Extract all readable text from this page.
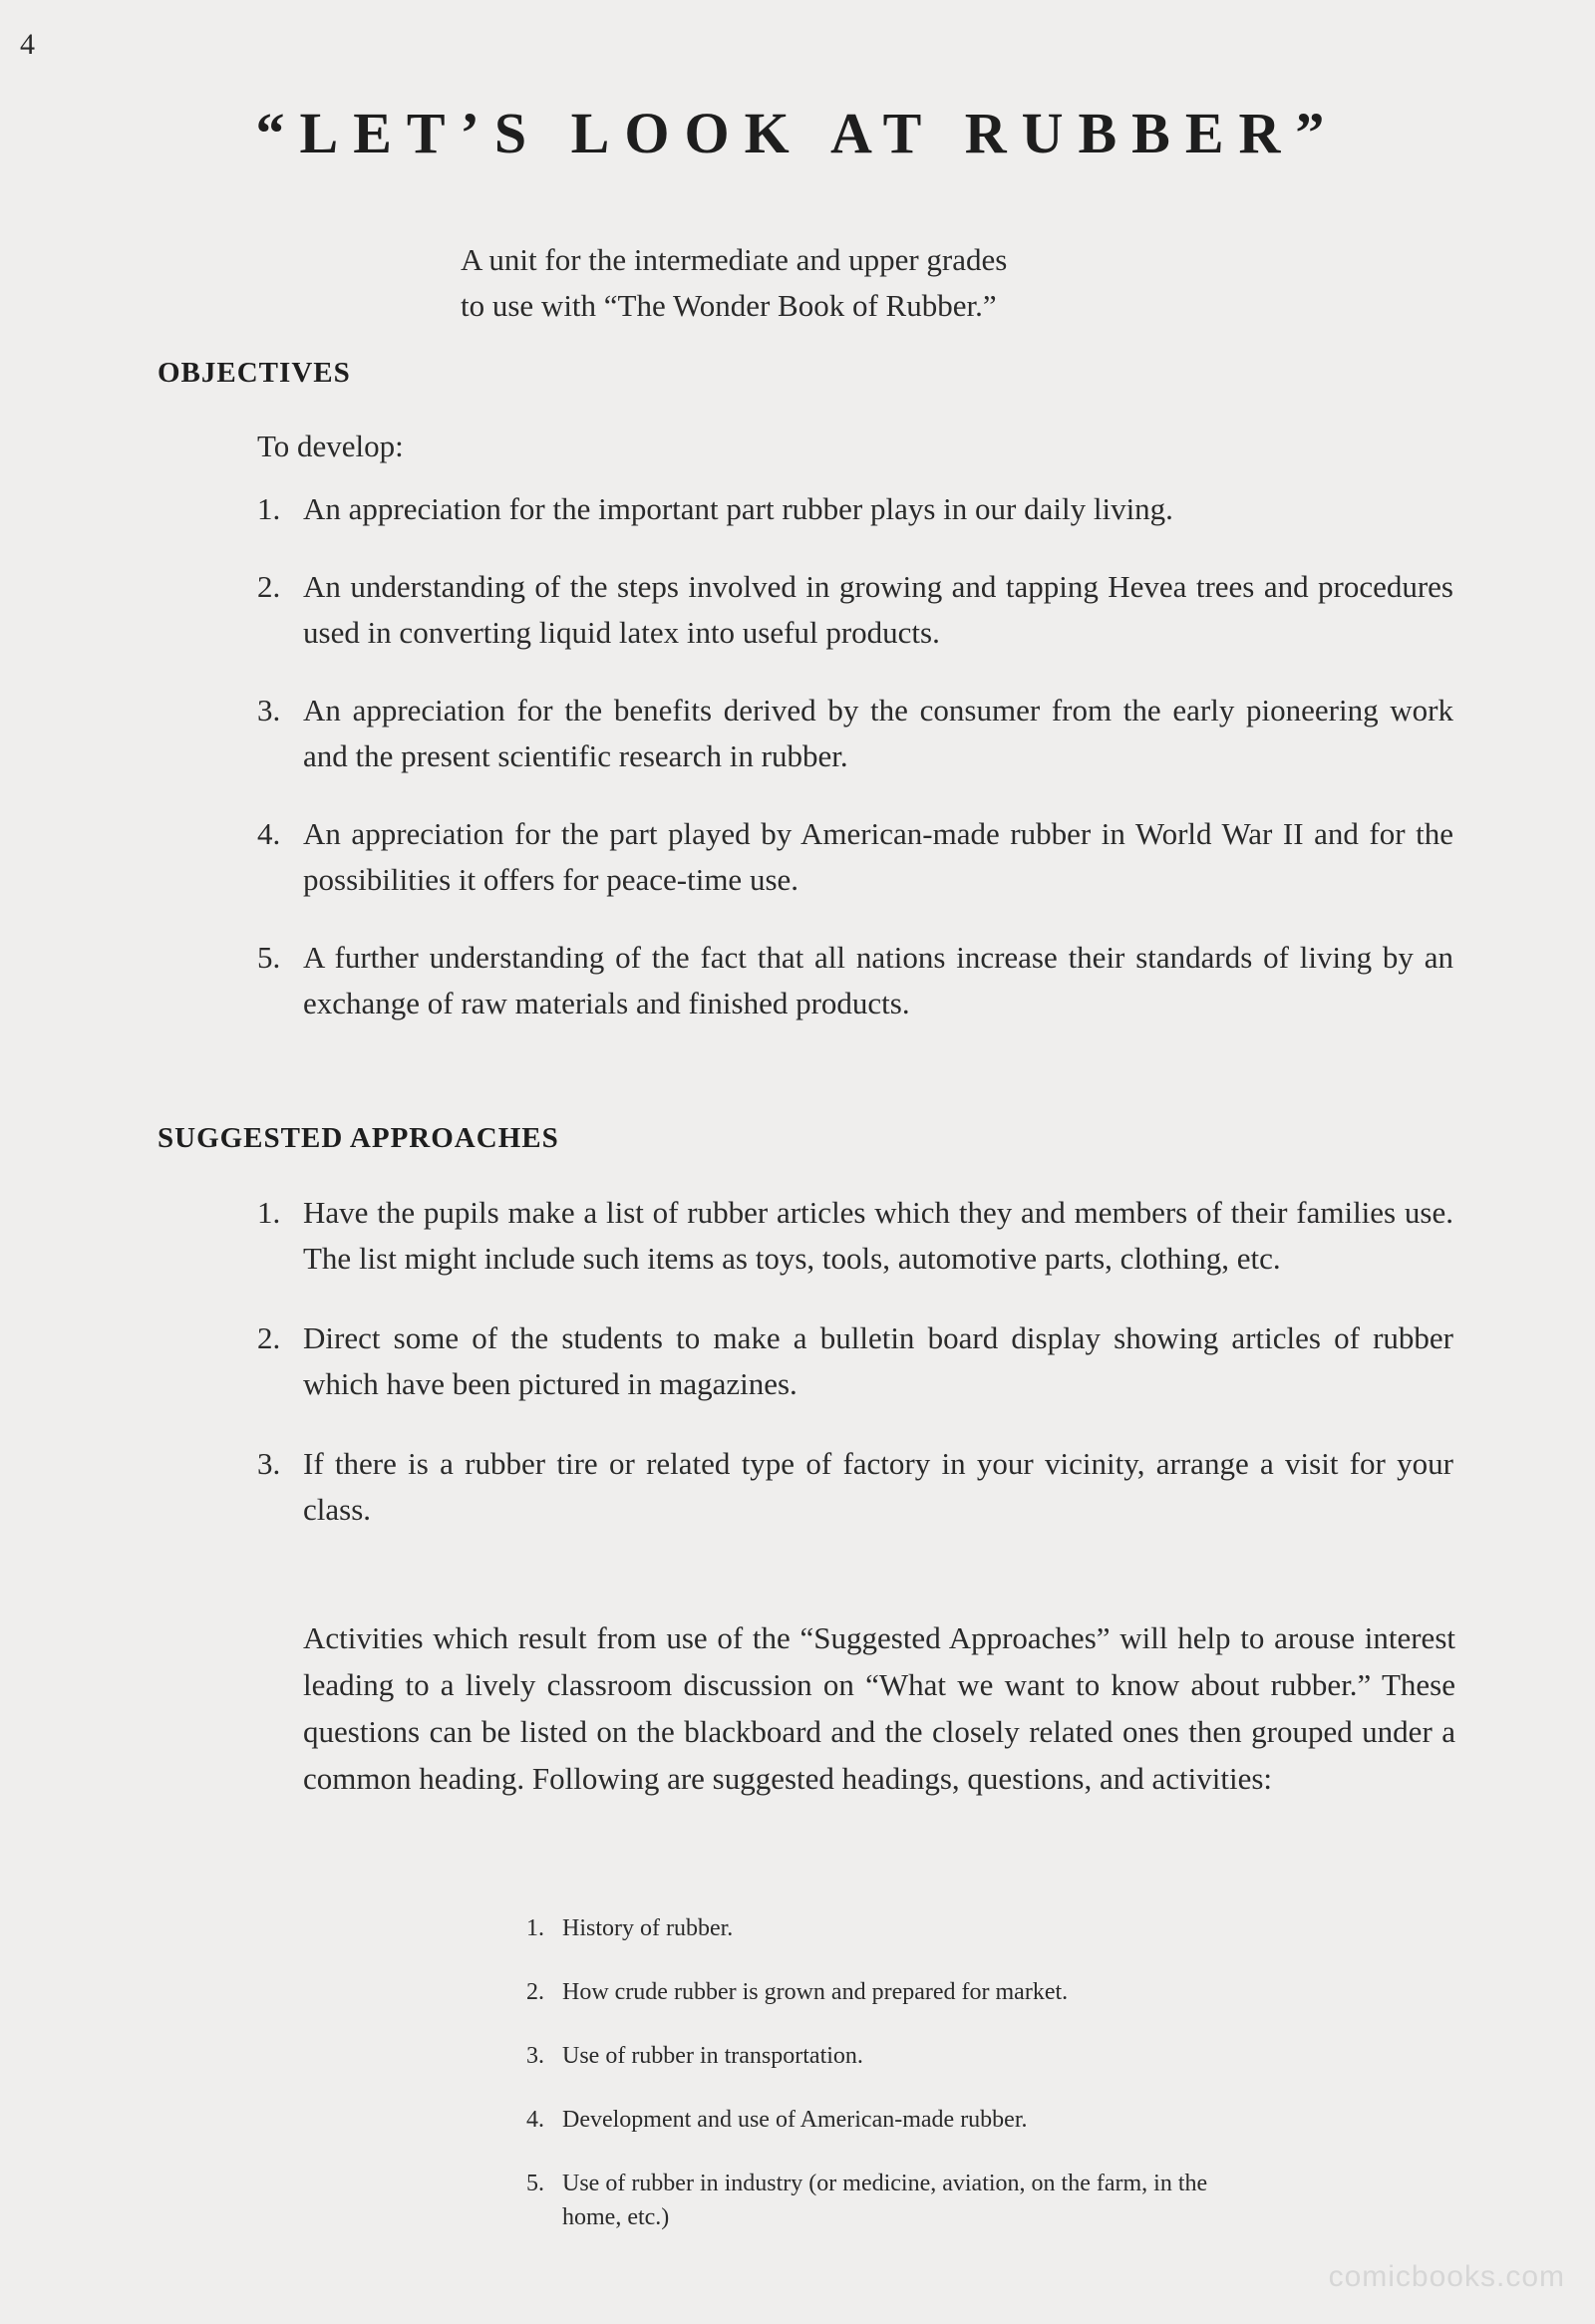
4
“LET’S LOOK AT RUBBER”
A unit for the intermediate and upper grades
to use with “The Wonder Book of Rubber.”
OBJECTIVES
To develop:
1. An appreciation for the important part rubber plays in our daily living.
2. An understanding of the steps involved in growing and tapping Hevea trees and procedures used in converting liquid latex into useful products.
3. An appreciation for the benefits derived by the consumer from the early pioneering work and the present scientific research in rubber.
4. An appreciation for the part played by American-made rubber in World War II and for the possibilities it offers for peace-time use.
5. A further understanding of the fact that all nations increase their standards of living by an exchange of raw materials and finished products.
SUGGESTED APPROACHES
1. Have the pupils make a list of rubber articles which they and members of their families use. The list might include such items as toys, tools, automotive parts, clothing, etc.
2. Direct some of the students to make a bulletin board display showing articles of rubber which have been pictured in magazines.
3. If there is a rubber tire or related type of factory in your vicinity, arrange a visit for your class.
Activities which result from use of the “Suggested Approaches” will help to arouse interest leading to a lively classroom discussion on “What we want to know about rubber.” These questions can be listed on the blackboard and the closely related ones then grouped under a common heading. Following are suggested headings, questions, and activities:
1. History of rubber.
2. How crude rubber is grown and prepared for market.
3. Use of rubber in transportation.
4. Development and use of American-made rubber.
5. Use of rubber in industry (or medicine, aviation, on the farm, in the home, etc.)
comicbooks.com
